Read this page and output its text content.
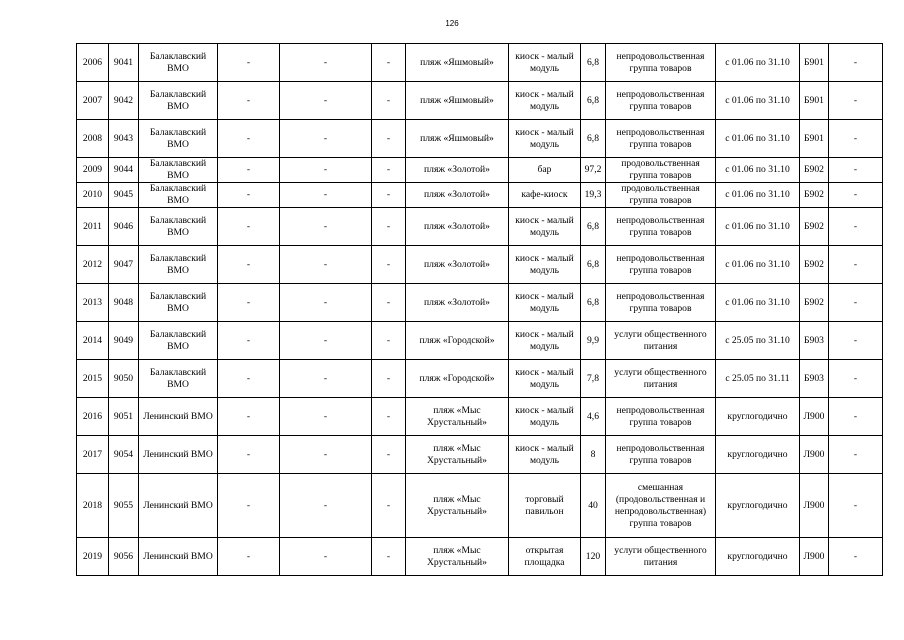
126
2006	9041	Балаклавский ВМО	-	-	-	пляж «Яшмовый»	киоск - малый модуль	6,8	непродовольственная группа товаров	с 01.06 по 31.10	Б901	-
2007	9042	Балаклавский ВМО	-	-	-	пляж «Яшмовый»	киоск - малый модуль	6,8	непродовольственная группа товаров	с 01.06 по 31.10	Б901	-
2008	9043	Балаклавский ВМО	-	-	-	пляж «Яшмовый»	киоск - малый модуль	6,8	непродовольственная группа товаров	с 01.06 по 31.10	Б901	-
2009	9044	Балаклавский ВМО	-	-	-	пляж «Золотой»	бар	97,2	продовольственная группа товаров	с 01.06 по 31.10	Б902	-
2010	9045	Балаклавский ВМО	-	-	-	пляж «Золотой»	кафе-киоск	19,3	продовольственная группа товаров	с 01.06 по 31.10	Б902	-
2011	9046	Балаклавский ВМО	-	-	-	пляж «Золотой»	киоск - малый модуль	6,8	непродовольственная группа товаров	с 01.06 по 31.10	Б902	-
2012	9047	Балаклавский ВМО	-	-	-	пляж «Золотой»	киоск - малый модуль	6,8	непродовольственная группа товаров	с 01.06 по 31.10	Б902	-
2013	9048	Балаклавский ВМО	-	-	-	пляж «Золотой»	киоск - малый модуль	6,8	непродовольственная группа товаров	с 01.06 по 31.10	Б902	-
2014	9049	Балаклавский ВМО	-	-	-	пляж «Городской»	киоск - малый модуль	9,9	услуги общественного питания	с 25.05 по 31.10	Б903	-
2015	9050	Балаклавский ВМО	-	-	-	пляж «Городской»	киоск - малый модуль	7,8	услуги общественного питания	с 25.05 по 31.11	Б903	-
2016	9051	Ленинский ВМО	-	-	-	пляж «Мыс Хрустальный»	киоск - малый модуль	4,6	непродовольственная группа товаров	круглогодично	Л900	-
2017	9054	Ленинский ВМО	-	-	-	пляж «Мыс Хрустальный»	киоск - малый модуль	8	непродовольственная группа товаров	круглогодично	Л900	-
2018	9055	Ленинский ВМО	-	-	-	пляж «Мыс Хрустальный»	торговый павильон	40	смешанная (продовольственная и непродовольственная) группа товаров	круглогодично	Л900	-
2019	9056	Ленинский ВМО	-	-	-	пляж «Мыс Хрустальный»	открытая площадка	120	услуги общественного питания	круглогодично	Л900	-
